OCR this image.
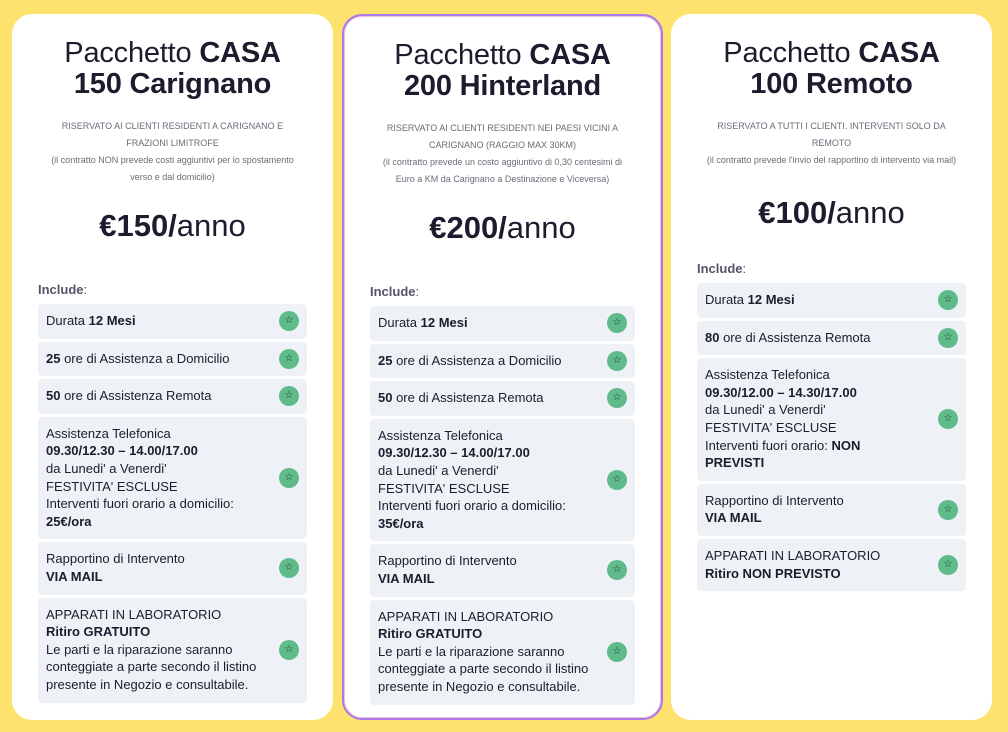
Pacchetto CASA
150 Carignano
RISERVATO AI CLIENTI RESIDENTI A CARIGNANO E FRAZIONI LIMITROFE
(il contratto NON prevede costi aggiuntivi per lo spostamento verso e dal domicilio)
€150/anno
Include:
Durata 12 Mesi	☆
25 ore di Assistenza a Domicilio	☆
50 ore di Assistenza Remota	☆
Assistenza Telefonica
09.30/12.30 – 14.00/17.00
da Lunedi' a Venerdi'
FESTIVITA' ESCLUSE
Interventi fuori orario a domicilio:
25€/ora
☆
Rapportino di Intervento
VIA MAIL
☆
APPARATI IN LABORATORIO
Ritiro GRATUITO
Le parti e la riparazione saranno conteggiate a parte secondo il listino presente in Negozio e consultabile.
☆
Pacchetto CASA
200 Hinterland
RISERVATO AI CLIENTI RESIDENTI NEI PAESI VICINI A CARIGNANO (RAGGIO MAX 30KM)
(il contratto prevede un costo aggiuntivo di 0,30 centesimi di Euro a KM da Carignano a Destinazione e Viceversa)
€200/anno
Include:
Durata 12 Mesi	☆
25 ore di Assistenza a Domicilio	☆
50 ore di Assistenza Remota	☆
Assistenza Telefonica
09.30/12.30 – 14.00/17.00
da Lunedi' a Venerdi'
FESTIVITA' ESCLUSE
Interventi fuori orario a domicilio:
35€/ora
☆
Rapportino di Intervento
VIA MAIL
☆
APPARATI IN LABORATORIO
Ritiro GRATUITO
Le parti e la riparazione saranno conteggiate a parte secondo il listino presente in Negozio e consultabile.
☆
Pacchetto CASA
100 Remoto
RISERVATO A TUTTI I CLIENTI. INTERVENTI SOLO DA REMOTO
(il contratto prevede l'invio del rapportino di intervento via mail)
€100/anno
Include:
Durata 12 Mesi	☆
80 ore di Assistenza Remota	☆
Assistenza Telefonica
09.30/12.00 – 14.30/17.00
da Lunedi' a Venerdi'
FESTIVITA' ESCLUSE
Interventi fuori orario: NON PREVISTI
☆
Rapportino di Intervento
VIA MAIL
☆
APPARATI IN LABORATORIO
Ritiro NON PREVISTO
☆
